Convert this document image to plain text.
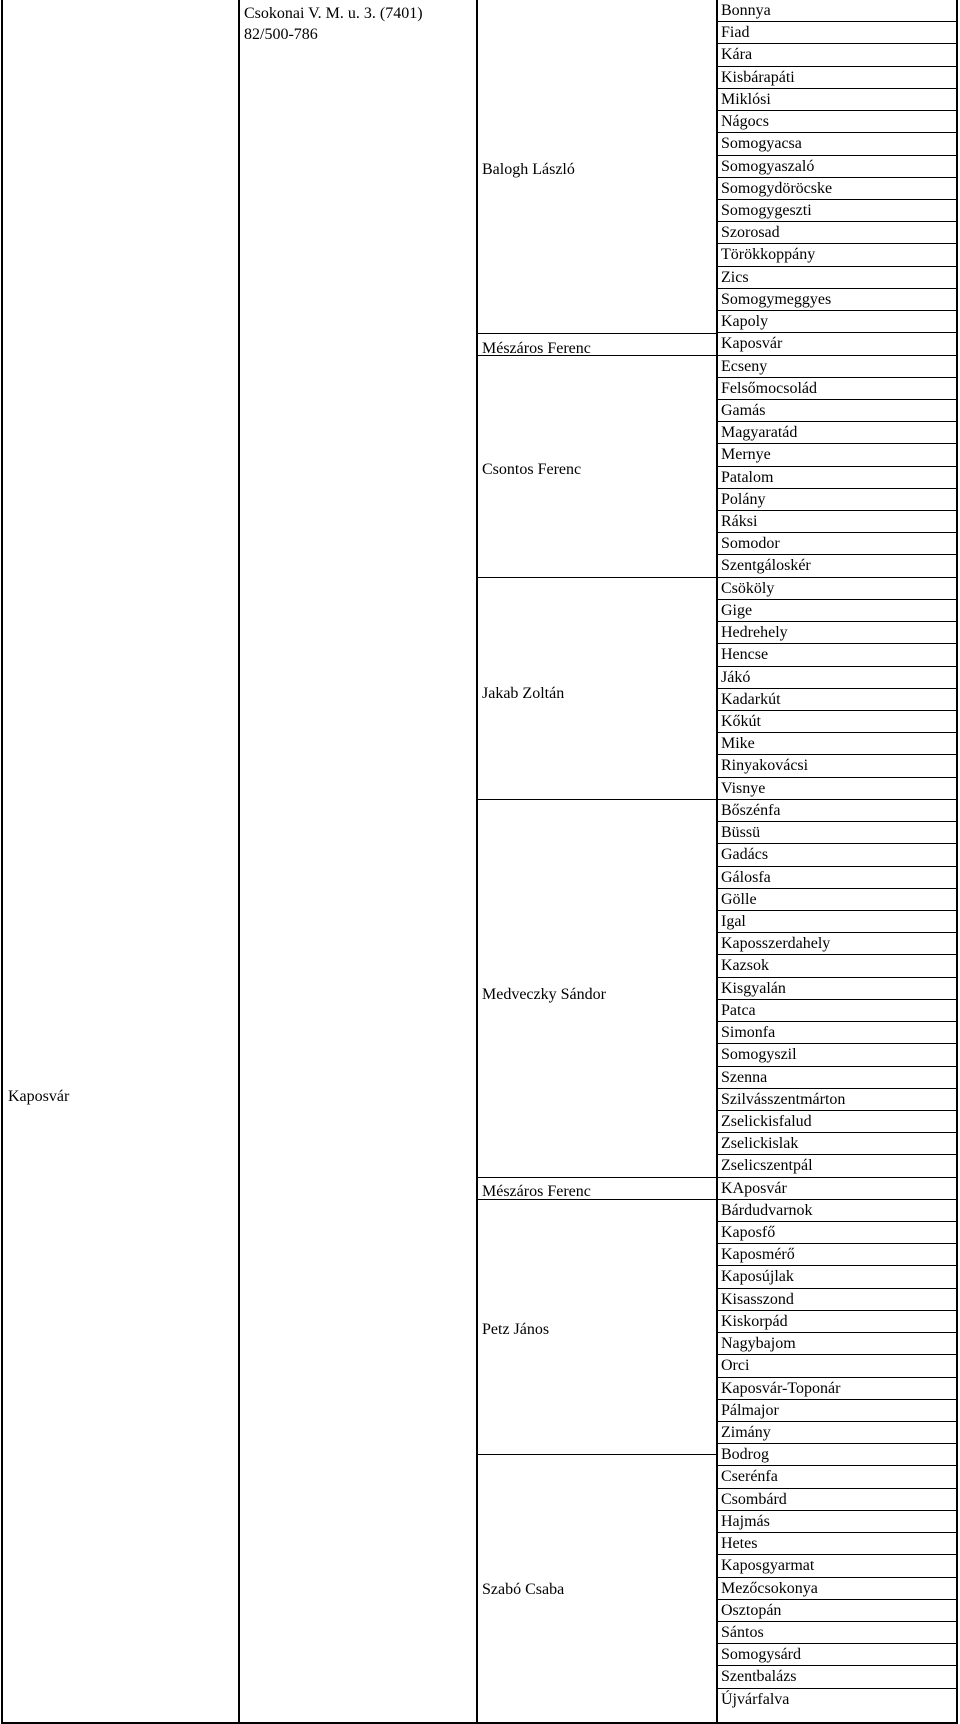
Kaposvár
Csokonai V. M. u. 3. (7401)
82/500-786
Balogh László
Mészáros Ferenc
Csontos Ferenc
Jakab Zoltán
Medveczky Sándor
Mészáros Ferenc
Petz János
Szabó Csaba
Bonnya
Fiad
Kára
Kisbárapáti
Miklósi
Nágocs
Somogyacsa
Somogyaszaló
Somogydöröcske
Somogygeszti
Szorosad
Törökkoppány
Zics
Somogymeggyes
Kapoly
Kaposvár
Ecseny
Felsőmocsolád
Gamás
Magyaratád
Mernye
Patalom
Polány
Ráksi
Somodor
Szentgáloskér
Csököly
Gige
Hedrehely
Hencse
Jákó
Kadarkút
Kőkút
Mike
Rinyakovácsi
Visnye
Bőszénfa
Büssü
Gadács
Gálosfa
Gölle
Igal
Kaposszerdahely
Kazsok
Kisgyalán
Patca
Simonfa
Somogyszil
Szenna
Szilvásszentmárton
Zselickisfalud
Zselickislak
Zselicszentpál
KAposvár
Bárdudvarnok
Kaposfő
Kaposmérő
Kaposújlak
Kisasszond
Kiskorpád
Nagybajom
Orci
Kaposvár-Toponár
Pálmajor
Zimány
Bodrog
Cserénfa
Csombárd
Hajmás
Hetes
Kaposgyarmat
Mezőcsokonya
Osztopán
Sántos
Somogysárd
Szentbalázs
Újvárfalva
